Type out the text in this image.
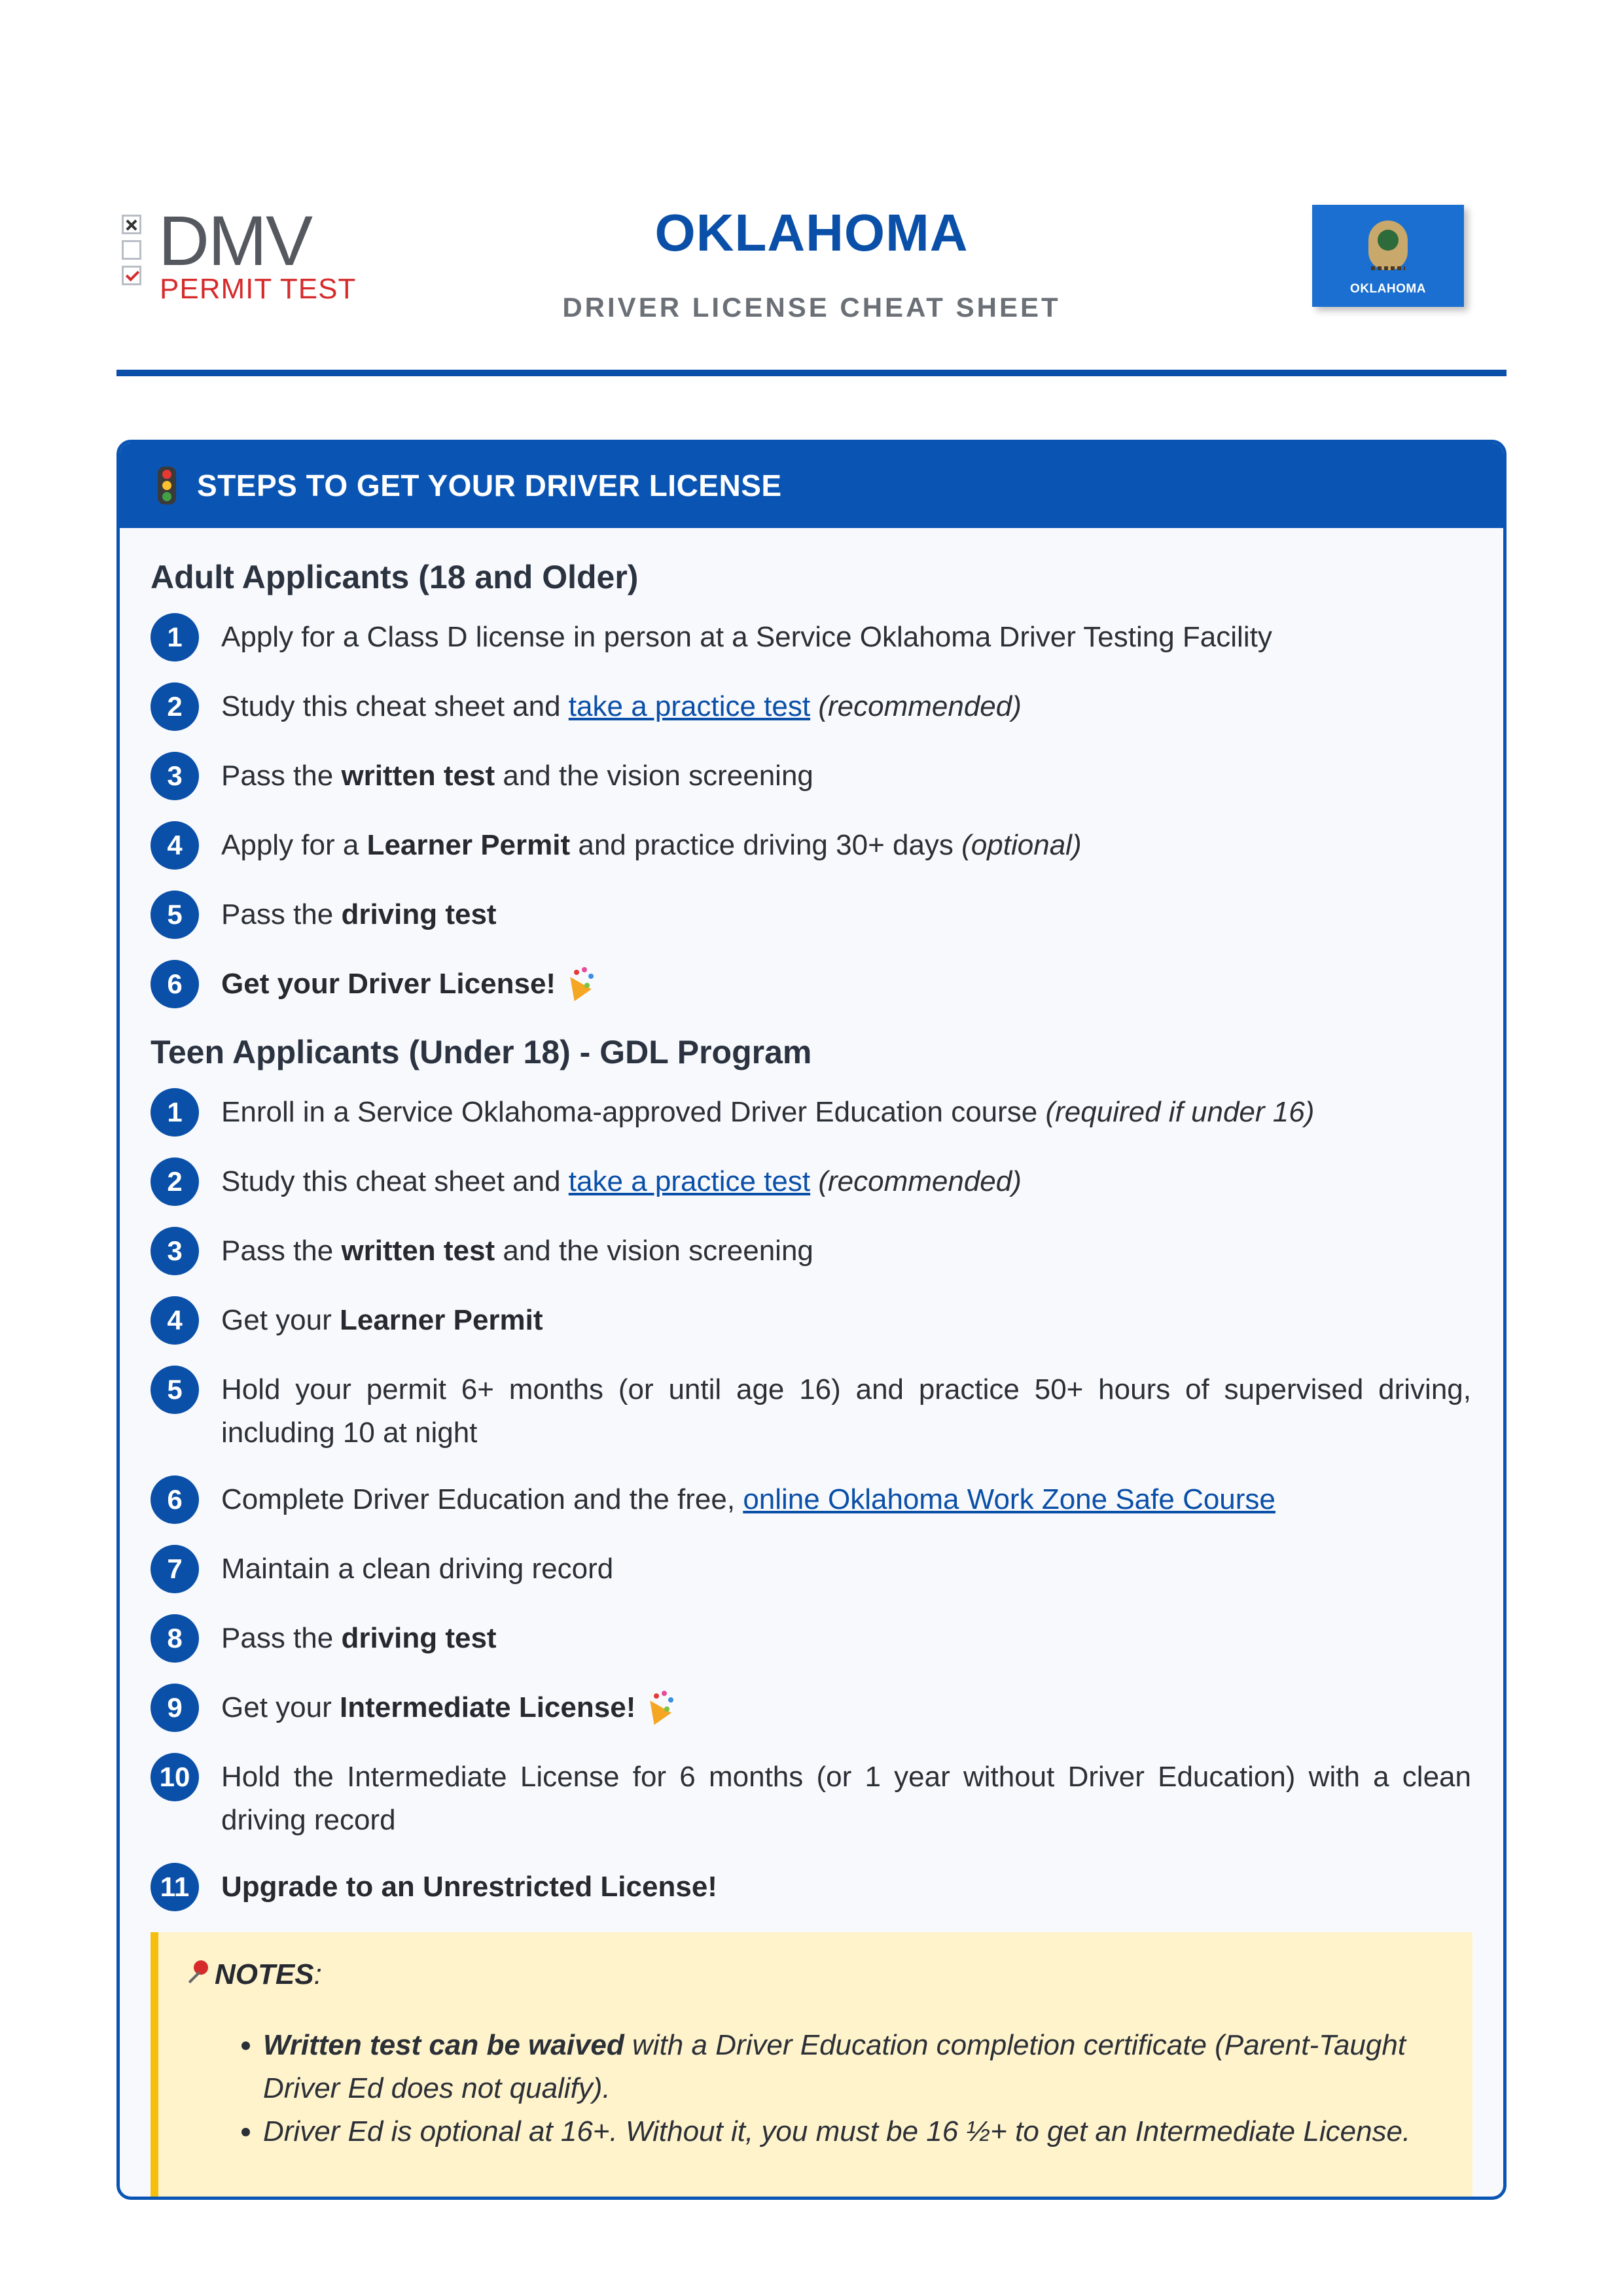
DMV
PERMIT TEST
OKLAHOMA
DRIVER LICENSE CHEAT SHEET
OKLAHOMA
STEPS TO GET YOUR DRIVER LICENSE
Adult Applicants (18 and Older)
1	Apply for a Class D license in person at a Service Oklahoma Driver Testing Facility
2	Study this cheat sheet and take a practice test (recommended)
3	Pass the written test and the vision screening
4	Apply for a Learner Permit and practice driving 30+ days (optional)
5	Pass the driving test
6	Get your Driver License!
Teen Applicants (Under 18) - GDL Program
1	Enroll in a Service Oklahoma-approved Driver Education course (required if under 16)
2	Study this cheat sheet and take a practice test (recommended)
3	Pass the written test and the vision screening
4	Get your Learner Permit
5	Hold your permit 6+ months (or until age 16) and practice 50+ hours of supervised driving, including 10 at night
6	Complete Driver Education and the free, online Oklahoma Work Zone Safe Course
7	Maintain a clean driving record
8	Pass the driving test
9	Get your Intermediate License!
10	Hold the Intermediate License for 6 months (or 1 year without Driver Education) with a clean driving record
11	Upgrade to an Unrestricted License!
NOTES:
• Written test can be waived with a Driver Education completion certificate (Parent-Taught Driver Ed does not qualify).
• Driver Ed is optional at 16+. Without it, you must be 16 ½+ to get an Intermediate License.
